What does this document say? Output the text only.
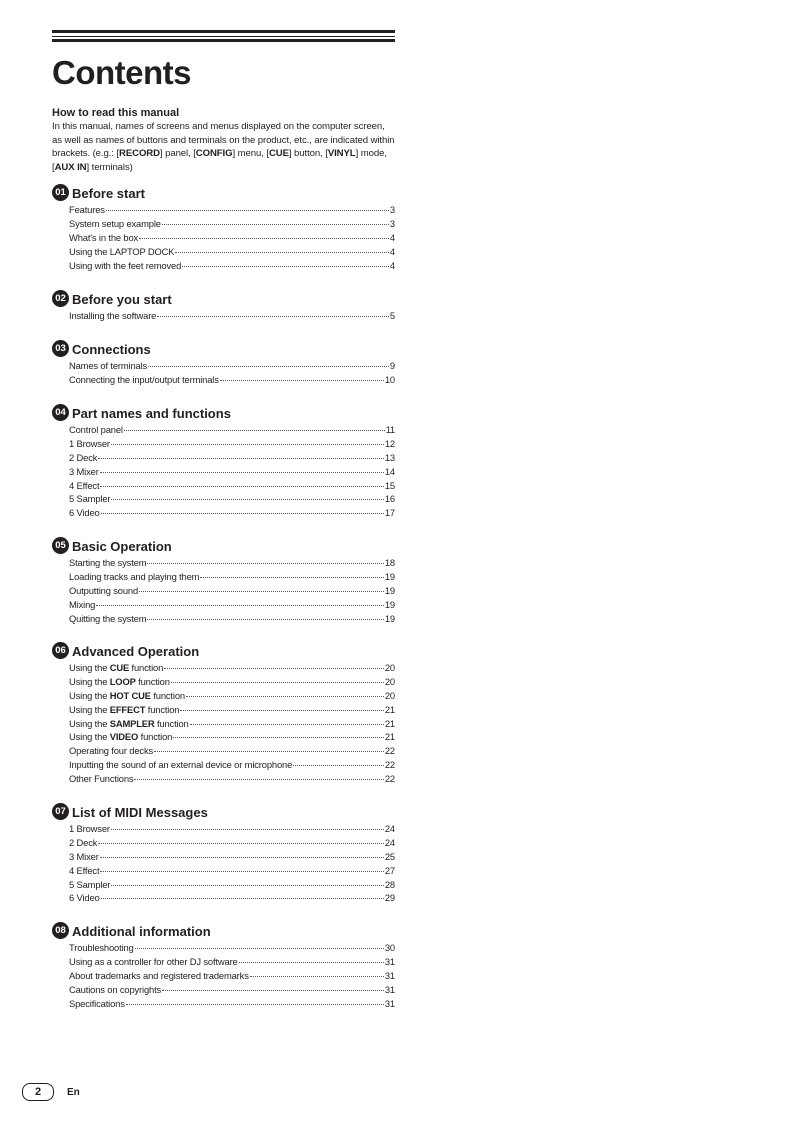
Contents
How to read this manual
In this manual, names of screens and menus displayed on the computer screen, as well as names of buttons and terminals on the product, etc., are indicated within brackets. (e.g.: [RECORD] panel, [CONFIG] menu, [CUE] button, [VINYL] mode, [AUX IN] terminals)
01 Before start
Features	3
System setup example	3
What's in the box	4
Using the LAPTOP DOCK	4
Using with the feet removed	4
02 Before you start
Installing the software	5
03 Connections
Names of terminals	9
Connecting the input/output terminals	10
04 Part names and functions
Control panel	11
1 Browser	12
2 Deck	13
3 Mixer	14
4 Effect	15
5 Sampler	16
6 Video	17
05 Basic Operation
Starting the system	18
Loading tracks and playing them	19
Outputting sound	19
Mixing	19
Quitting the system	19
06 Advanced Operation
Using the CUE function	20
Using the LOOP function	20
Using the HOT CUE function	20
Using the EFFECT function	21
Using the SAMPLER function	21
Using the VIDEO function	21
Operating four decks	22
Inputting the sound of an external device or microphone	22
Other Functions	22
07 List of MIDI Messages
1 Browser	24
2 Deck	24
3 Mixer	25
4 Effect	27
5 Sampler	28
6 Video	29
08 Additional information
Troubleshooting	30
Using as a controller for other DJ software	31
About trademarks and registered trademarks	31
Cautions on copyrights	31
Specifications	31
2	En
